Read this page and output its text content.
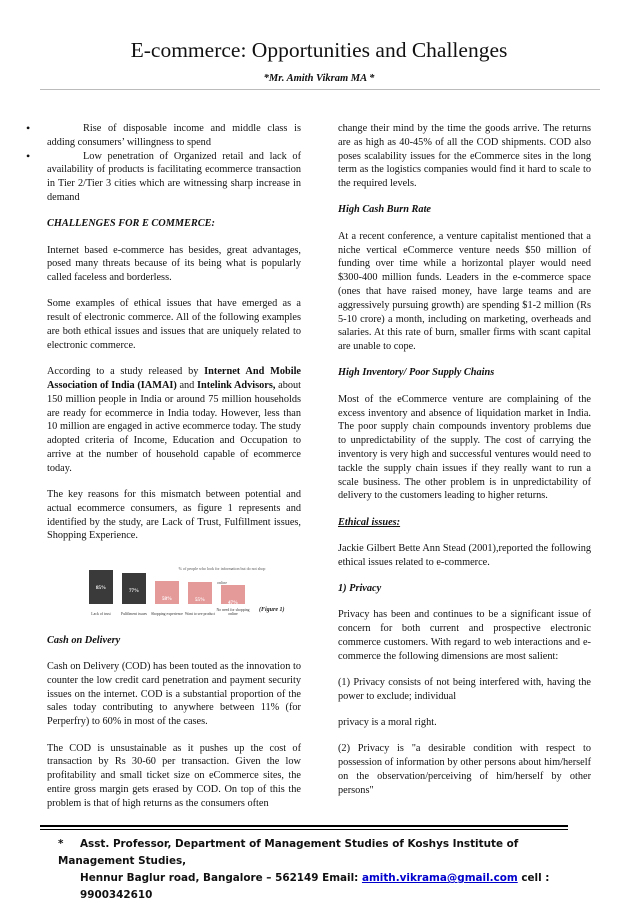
E-commerce: Opportunities and Challenges
*Mr. Amith Vikram MA *
• Rise of disposable income and middle class is adding consumers’ willingness to spend
• Low penetration of Organized retail and lack of availability of products is facilitating ecommerce transaction in Tier 2/Tier 3 cities which are witnessing sharp increase in demand

CHALLENGES FOR E COMMERCE:

Internet based e-commerce has besides, great advantages, posed many threats because of its being what is popularly called faceless and borderless.

Some examples of ethical issues that have emerged as a result of electronic commerce. All of the following examples are both ethical issues and issues that are uniquely related to electronic commerce.

According to a study released by Internet And Mobile Association of India (IAMAI) and Intelink Advisors, about 150 million people in India or around 75 million households are ready for ecommerce in India today. However, less than 10 million are engaged in active ecommerce today. The study adopted criteria of Income, Education and Occupation to arrive at the number of household capable of ecommerce today.

The key reasons for this mismatch between potential and actual ecommerce consumers, as figure 1 represents and identified by the study, are Lack of Trust, Fulfillment issues, Shopping Experience.

% of people who look for information but do not shop online
(Figure 1)
85%
Lack of trust
77%
Fulfilment issues
58%
Shopping experience
55%
Want to see product
47%
No need for shopping online

Cash on Delivery

Cash on Delivery (COD) has been touted as the innovation to counter the low credit card penetration and payment security issues on the internet. COD is a substantial proportion of the sales today contributing to anywhere between 11% (for Perperfry) to 60% in most of the cases.

The COD is unsustainable as it pushes up the cost of transaction by Rs 30-60 per transaction. Given the low profitability and small ticket size on eCommerce sites, the entire gross margin gets erased by COD. On top of this the problem is that of high returns as the consumers often

change their mind by the time the goods arrive. The returns are as high as 40-45% of all the COD shipments. COD also poses scalability issues for the eCommerce sites in the long term as the logistics companies would find it hard to scale to the required levels.

High Cash Burn Rate

At a recent conference, a venture capitalist mentioned that a niche vertical eCommerce venture needs $50 million of funding over time while a horizontal player would need $300-400 million funds. Leaders in the e-commerce space (ones that have raised money, have large teams and are aggressively pursuing growth) are spending $1-2 million (Rs 5-10 crore) a month, including on marketing, overheads and salaries. At this rate of burn, smaller firms with scant capital are unable to cope.

High Inventory/ Poor Supply Chains

Most of the eCommerce venture are complaining of the excess inventory and absence of liquidation market in India. The poor supply chain compounds inventory problems due to unpredictability of the supply. The cost of carrying the inventory is very high and successful ventures would need to tackle the supply chain issues if they really want to run a scale business. The other problem is in unpredictability of delivery to the customers leading to higher returns.

Ethical issues:

Jackie Gilbert Bette Ann Stead (2001),reported the following ethical issues related to e-commerce.

1) Privacy

Privacy has been and continues to be a significant issue of concern for both current and prospective electronic commerce customers. With regard to web interactions and e- commerce the following dimensions are most salient:

(1) Privacy consists of not being interfered with, having the power to exclude; individual

privacy is a moral right.

(2) Privacy is "a desirable condition with respect to possession of information by other persons about him/herself on the observation/perceiving of him/herself by other persons"

* Asst. Professor, Department of Management Studies of Koshys Institute of Management Studies,
Hennur Baglur road, Bangalore – 562149 Email: amith.vikrama@gmail.com cell : 9900342610
